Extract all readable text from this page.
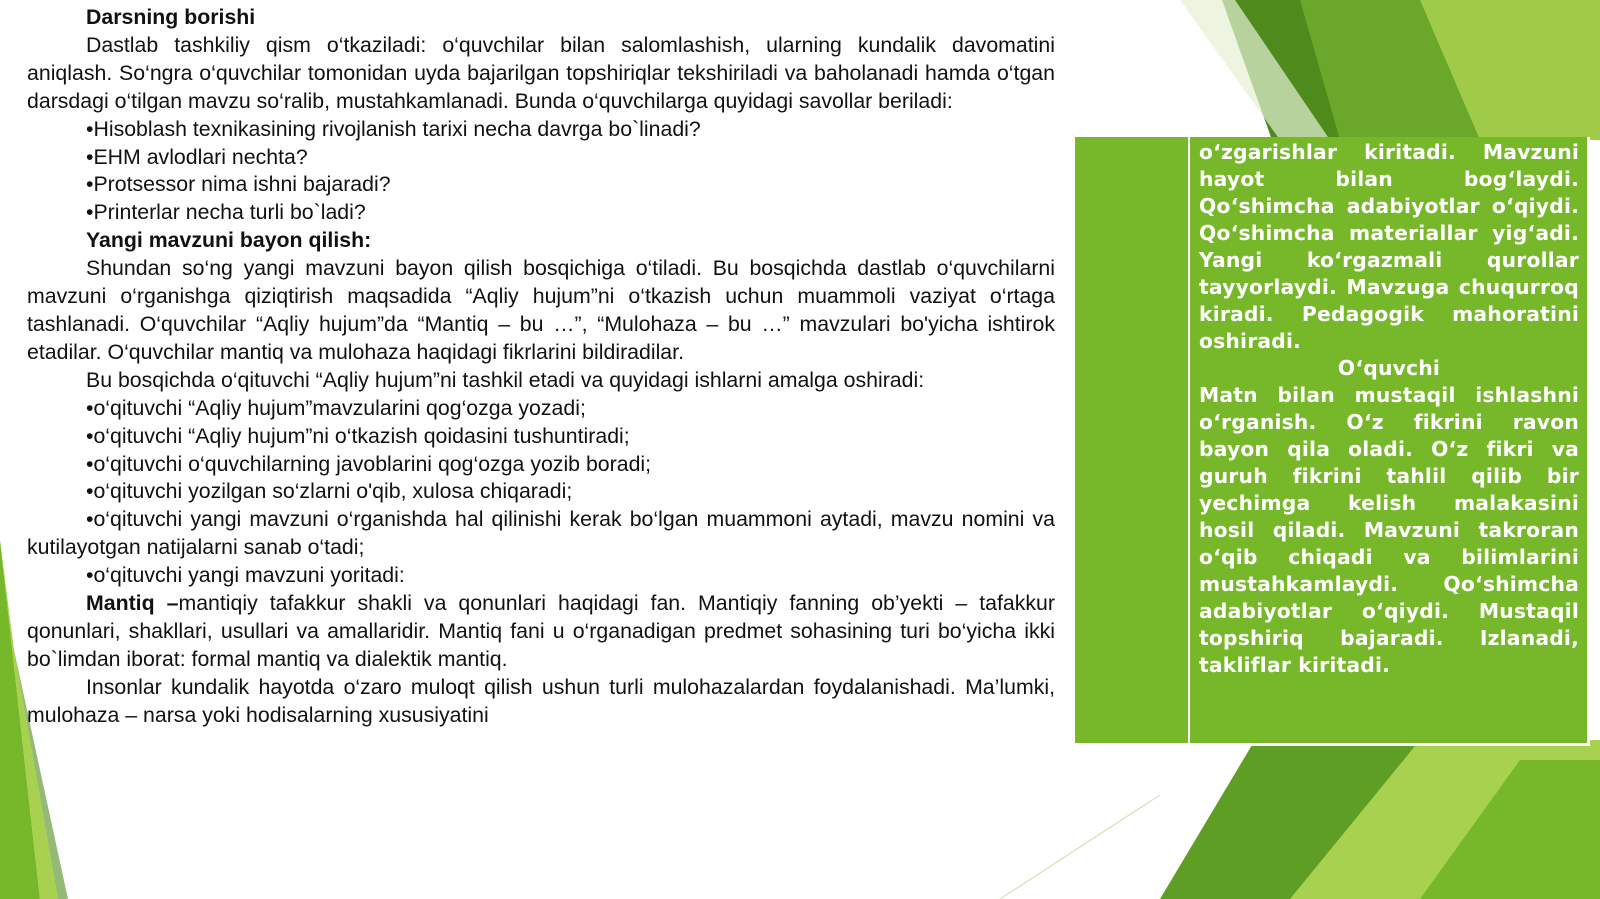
Darsning borishi

Dastlab tashkiliy qism o‘tkaziladi: o‘quvchilar bilan salomlashish, ularning kundalik davomatini aniqlash. So‘ngra o‘quvchilar tomonidan uyda bajarilgan topshiriqlar tekshiriladi va baholanadi hamda o‘tgan darsdagi o‘tilgan mavzu so‘ralib, mustahkamlanadi. Bunda o‘quvchilarga quyidagi savollar beriladi:

•Hisoblash texnikasining rivojlanish tarixi necha davrga bo`linadi?

•EHM avlodlari nechta?

•Protsessor nima ishni bajaradi?

•Printerlar necha turli bo`ladi?

Yangi mavzuni bayon qilish:

Shundan so‘ng yangi mavzuni bayon qilish bosqichiga o‘tiladi. Bu bosqichda dastlab o‘quvchilarni mavzuni o‘rganishga qiziqtirish maqsadida “Aqliy hujum”ni o‘tkazish uchun muammoli vaziyat o‘rtaga tashlanadi. O‘quvchilar “Aqliy hujum”da “Mantiq – bu …”, “Mulohaza – bu …” mavzulari bo'yicha ishtirok etadilar. O‘quvchilar mantiq va mulohaza haqidagi fikrlarini bildiradilar.

Bu bosqichda o‘qituvchi “Aqliy hujum”ni tashkil etadi va quyidagi ishlarni amalga oshiradi:

•o‘qituvchi “Aqliy hujum”mavzularini qog‘ozga yozadi;

•o‘qituvchi “Aqliy hujum”ni o‘tkazish qoidasini tushuntiradi;

•o‘qituvchi o‘quvchilarning javoblarini qog‘ozga yozib boradi;

•o‘qituvchi yozilgan so‘zlarni o'qib, xulosa chiqaradi;

•o‘qituvchi yangi mavzuni o‘rganishda hal qilinishi kerak bo‘lgan muammoni aytadi, mavzu nomini va kutilayotgan natijalarni sanab o‘tadi;

•o‘qituvchi yangi mavzuni yoritadi:

Mantiq –mantiqiy tafakkur shakli va qonunlari haqidagi fan. Mantiqiy fanning ob’yekti – tafakkur qonunlari, shakllari, usullari va amallaridir. Mantiq fani u o‘rganadigan predmet sohasining turi bo‘yicha ikki bo`limdan iborat: formal mantiq va dialektik mantiq.

Insonlar kundalik hayotda o‘zaro muloqt qilish ushun turli mulohazalardan foydalanishadi. Ma’lumki, mulohaza – narsa yoki hodisalarning xususiyatini

o‘zgarishlar kiritadi. Mavzuni hayot bilan bog‘laydi. Qo‘shimcha adabiyotlar o‘qiydi. Qo‘shimcha materiallar yig‘adi. Yangi ko‘rgazmali qurollar tayyorlaydi. Mavzuga chuqurroq kiradi. Pedagogik mahoratini oshiradi.

O‘quvchi

Matn bilan mustaqil ishlashni o‘rganish. O‘z fikrini ravon bayon qila oladi. O‘z fikri va guruh fikrini tahlil qilib bir yechimga kelish malakasini hosil qiladi. Mavzuni takroran o‘qib chiqadi va bilimlarini mustahkamlaydi. Qo‘shimcha adabiyotlar o‘qiydi. Mustaqil topshiriq bajaradi. Izlanadi, takliflar kiritadi.
